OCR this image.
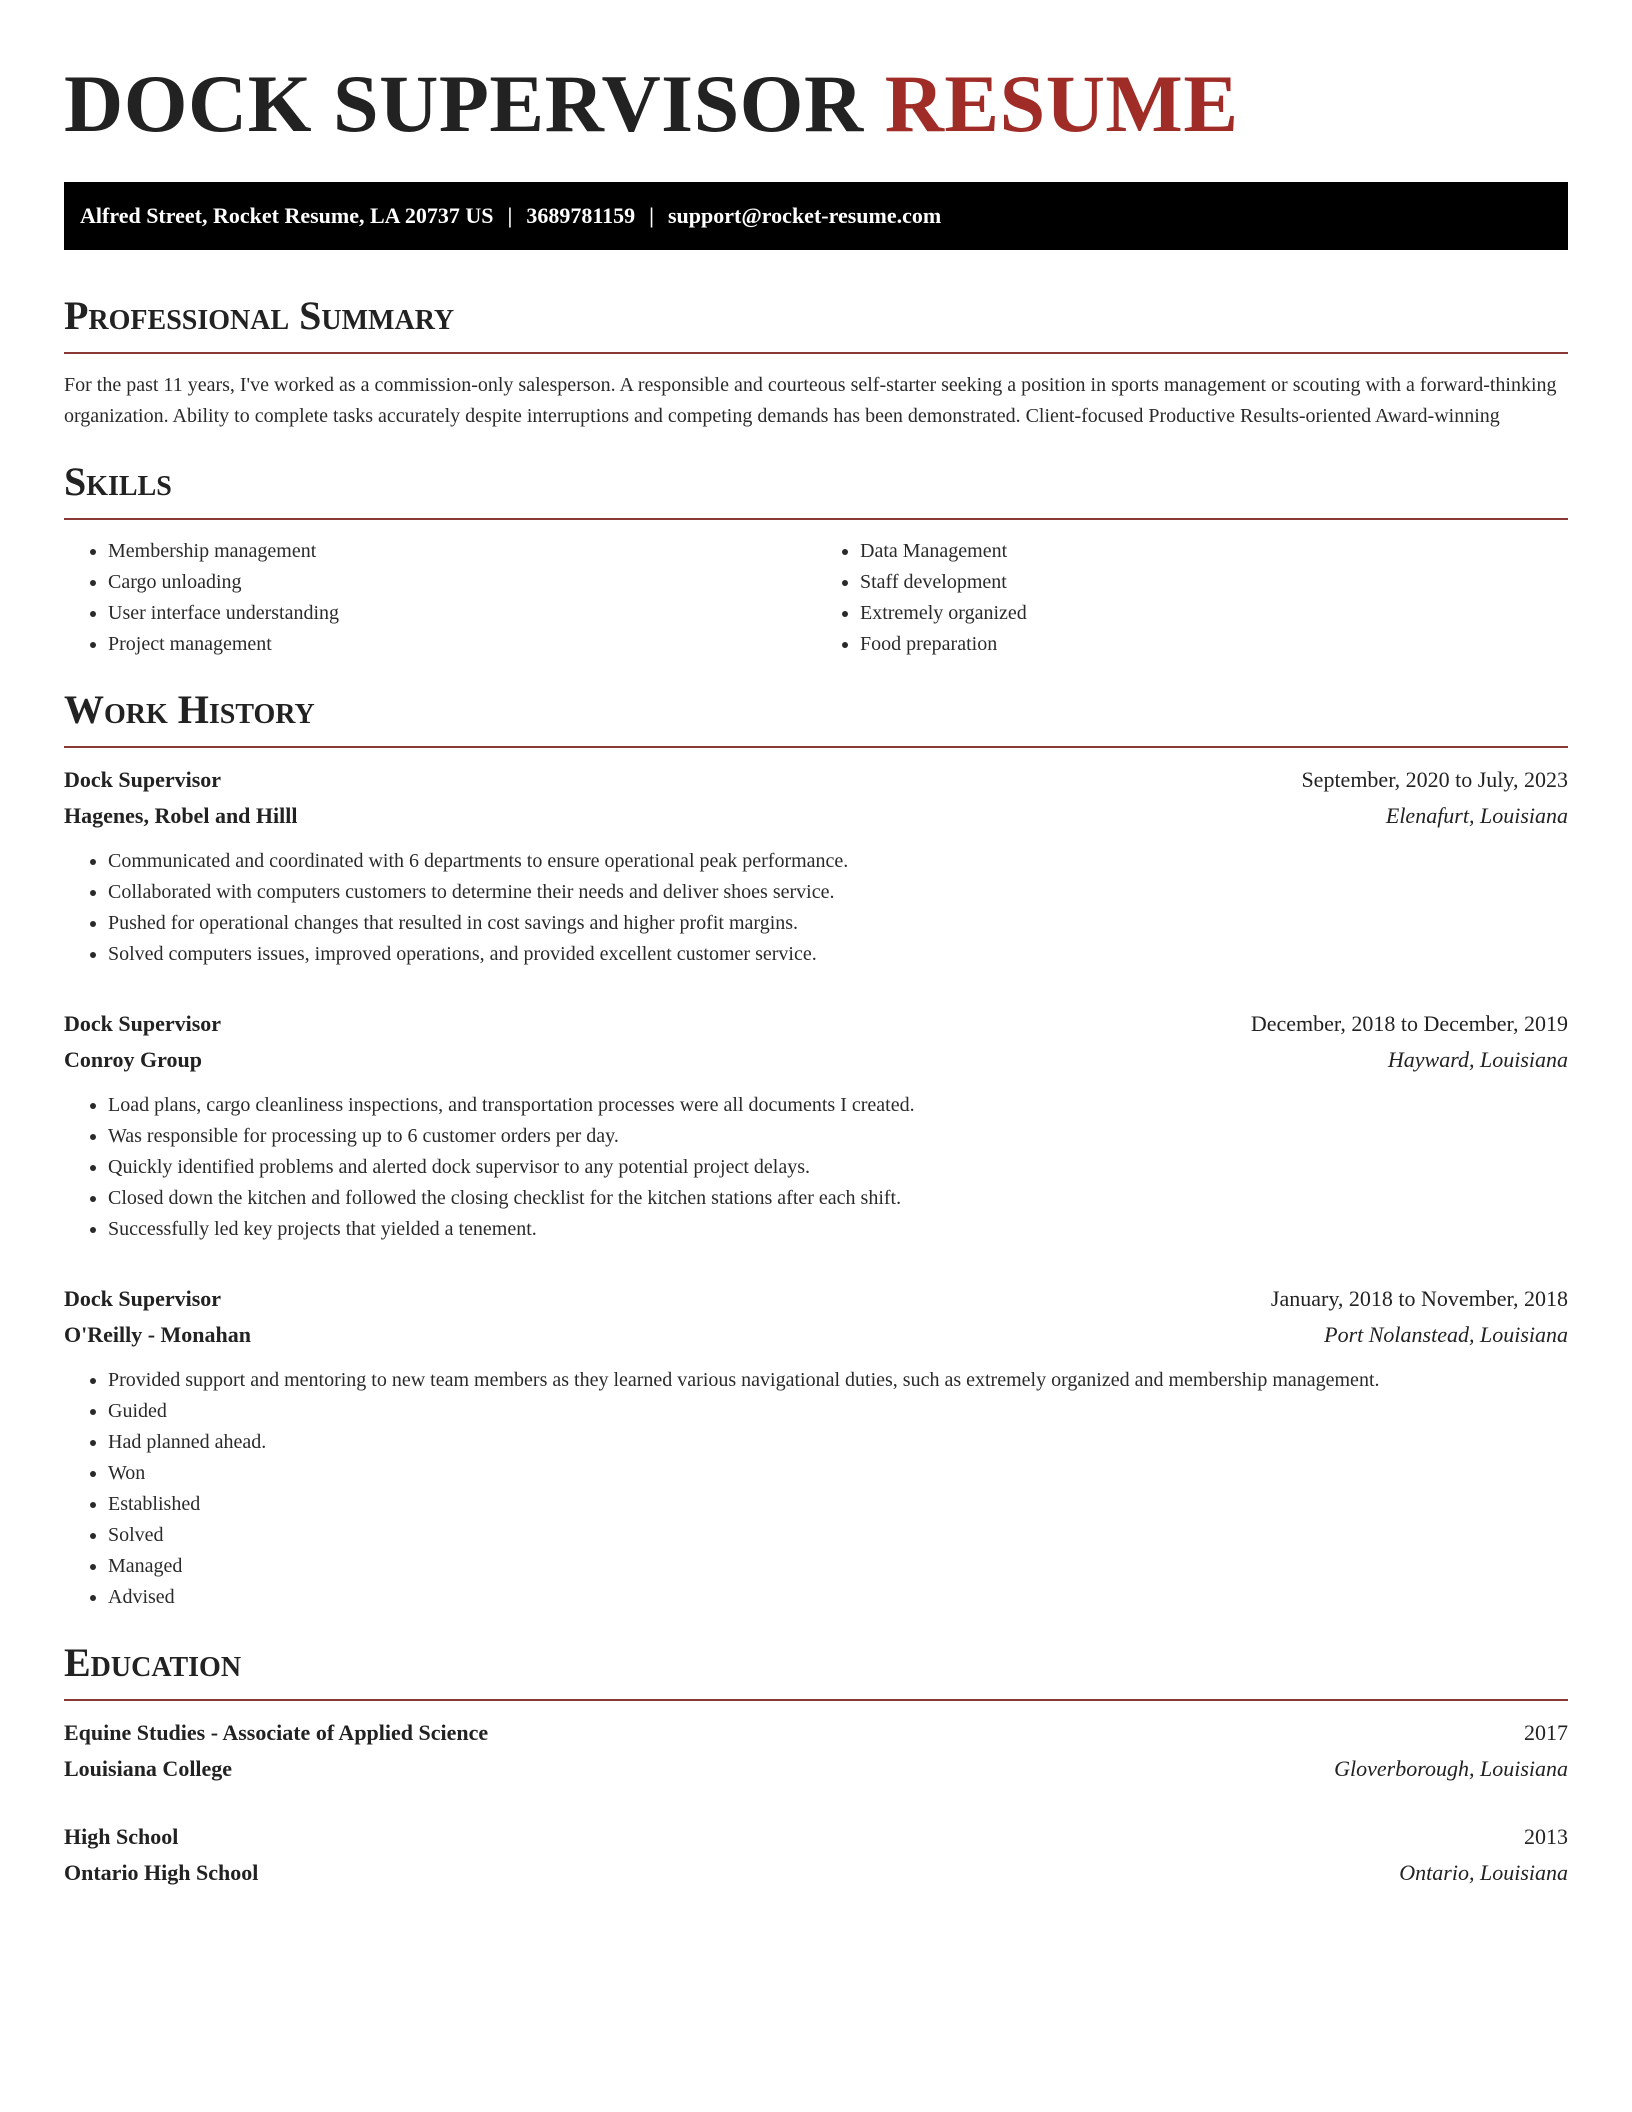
DOCK SUPERVISOR RESUME
Alfred Street, Rocket Resume, LA 20737 US | 3689781159 | support@rocket-resume.com
Professional Summary

For the past 11 years, I've worked as a commission-only salesperson. A responsible and courteous self-starter seeking a position in sports management or scouting with a forward-thinking organization. Ability to complete tasks accurately despite interruptions and competing demands has been demonstrated. Client-focused Productive Results-oriented Award-winning

Skills
• Membership management
• Cargo unloading
• User interface understanding
• Project management
• Data Management
• Staff development
• Extremely organized
• Food preparation
Work History
Dock Supervisor	September, 2020 to July, 2023
Hagenes, Robel and Hilll	Elenafurt, Louisiana
• Communicated and coordinated with 6 departments to ensure operational peak performance.
• Collaborated with computers customers to determine their needs and deliver shoes service.
• Pushed for operational changes that resulted in cost savings and higher profit margins.
• Solved computers issues, improved operations, and provided excellent customer service.
Dock Supervisor	December, 2018 to December, 2019
Conroy Group	Hayward, Louisiana
• Load plans, cargo cleanliness inspections, and transportation processes were all documents I created.
• Was responsible for processing up to 6 customer orders per day.
• Quickly identified problems and alerted dock supervisor to any potential project delays.
• Closed down the kitchen and followed the closing checklist for the kitchen stations after each shift.
• Successfully led key projects that yielded a tenement.
Dock Supervisor	January, 2018 to November, 2018
O'Reilly - Monahan	Port Nolanstead, Louisiana
• Provided support and mentoring to new team members as they learned various navigational duties, such as extremely organized and membership management.
• Guided
• Had planned ahead.
• Won
• Established
• Solved
• Managed
• Advised
Education
Equine Studies - Associate of Applied Science	2017
Louisiana College	Gloverborough, Louisiana
High School	2013
Ontario High School	Ontario, Louisiana
